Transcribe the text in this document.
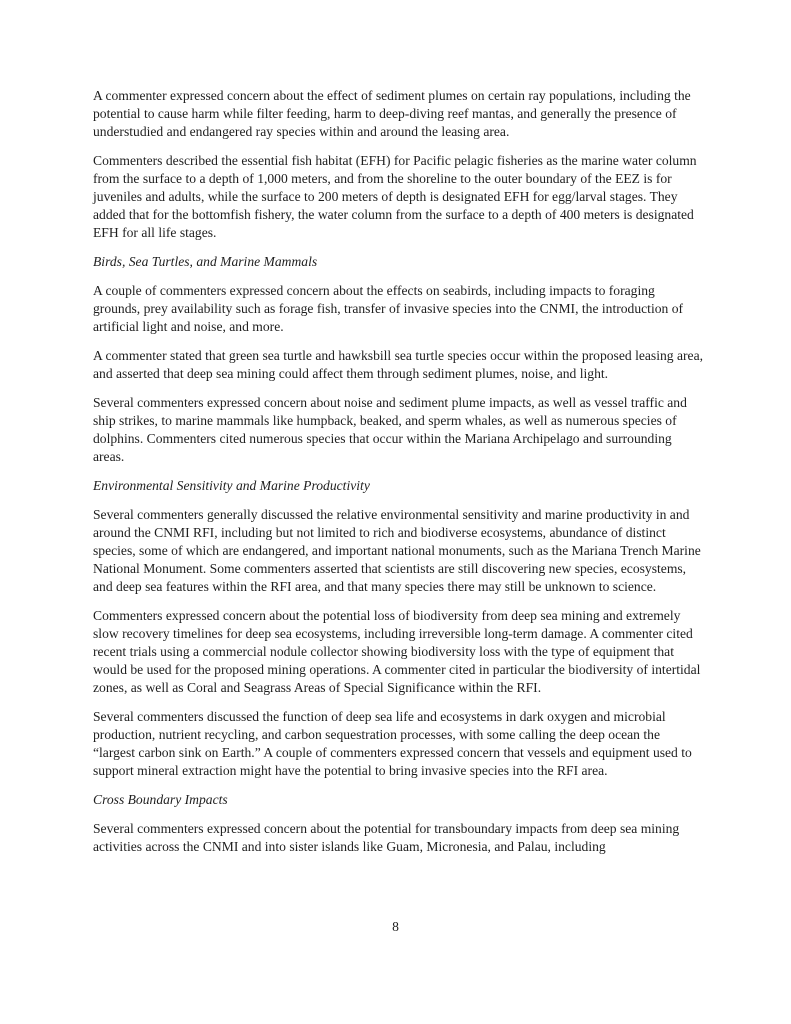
A commenter expressed concern about the effect of sediment plumes on certain ray populations, including the potential to cause harm while filter feeding, harm to deep-diving reef mantas, and generally the presence of understudied and endangered ray species within and around the leasing area.

Commenters described the essential fish habitat (EFH) for Pacific pelagic fisheries as the marine water column from the surface to a depth of 1,000 meters, and from the shoreline to the outer boundary of the EEZ is for juveniles and adults, while the surface to 200 meters of depth is designated EFH for egg/larval stages. They added that for the bottomfish fishery, the water column from the surface to a depth of 400 meters is designated EFH for all life stages.

Birds, Sea Turtles, and Marine Mammals

A couple of commenters expressed concern about the effects on seabirds, including impacts to foraging grounds, prey availability such as forage fish, transfer of invasive species into the CNMI, the introduction of artificial light and noise, and more.

A commenter stated that green sea turtle and hawksbill sea turtle species occur within the proposed leasing area, and asserted that deep sea mining could affect them through sediment plumes, noise, and light.

Several commenters expressed concern about noise and sediment plume impacts, as well as vessel traffic and ship strikes, to marine mammals like humpback, beaked, and sperm whales, as well as numerous species of dolphins. Commenters cited numerous species that occur within the Mariana Archipelago and surrounding areas.

Environmental Sensitivity and Marine Productivity

Several commenters generally discussed the relative environmental sensitivity and marine productivity in and around the CNMI RFI, including but not limited to rich and biodiverse ecosystems, abundance of distinct species, some of which are endangered, and important national monuments, such as the Mariana Trench Marine National Monument. Some commenters asserted that scientists are still discovering new species, ecosystems, and deep sea features within the RFI area, and that many species there may still be unknown to science.

Commenters expressed concern about the potential loss of biodiversity from deep sea mining and extremely slow recovery timelines for deep sea ecosystems, including irreversible long-term damage. A commenter cited recent trials using a commercial nodule collector showing biodiversity loss with the type of equipment that would be used for the proposed mining operations. A commenter cited in particular the biodiversity of intertidal zones, as well as Coral and Seagrass Areas of Special Significance within the RFI.

Several commenters discussed the function of deep sea life and ecosystems in dark oxygen and microbial production, nutrient recycling, and carbon sequestration processes, with some calling the deep ocean the “largest carbon sink on Earth.” A couple of commenters expressed concern that vessels and equipment used to support mineral extraction might have the potential to bring invasive species into the RFI area.

Cross Boundary Impacts

Several commenters expressed concern about the potential for transboundary impacts from deep sea mining activities across the CNMI and into sister islands like Guam, Micronesia, and Palau, including

8
